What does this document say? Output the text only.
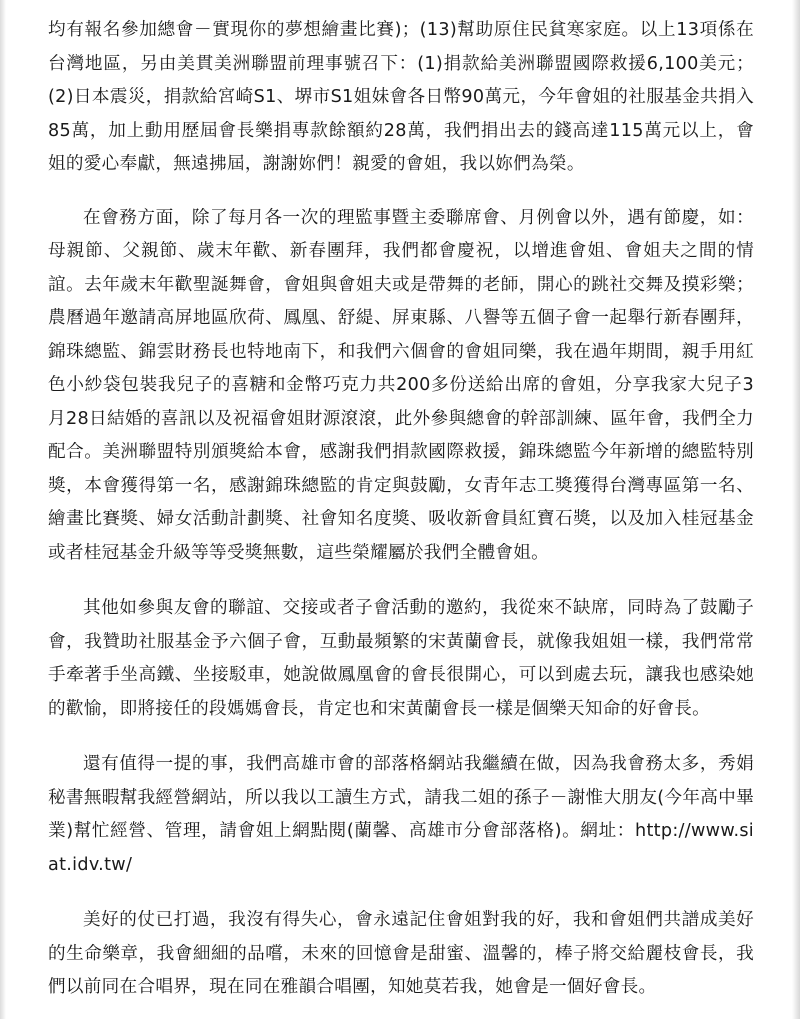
均有報名參加總會－實現你的夢想繪畫比賽)；(13)幫助原住民貧寒家庭。以上13項係在台灣地區，另由美貫美洲聯盟前理事號召下：(1)捐款給美洲聯盟國際救援6,100美元；(2)日本震災，捐款給宮崎S1、堺市S1姐妹會各日幣90萬元，今年會姐的社服基金共捐入85萬，加上動用歷屆會長樂捐專款餘額約28萬，我們捐出去的錢高達115萬元以上，會姐的愛心奉獻，無遠拂屆，謝謝妳們！親愛的會姐，我以妳們為榮。

在會務方面，除了每月各一次的理監事暨主委聯席會、月例會以外，遇有節慶，如：母親節、父親節、歲末年歡、新春團拜，我們都會慶祝，以增進會姐、會姐夫之間的情誼。去年歲末年歡聖誕舞會，會姐與會姐夫或是帶舞的老師，開心的跳社交舞及摸彩樂；農曆過年邀請高屏地區欣荷、鳳凰、舒緹、屏東縣、八譽等五個子會一起舉行新春團拜，錦珠總監、錦雲財務長也特地南下，和我們六個會的會姐同樂，我在過年期間，親手用紅色小紗袋包裝我兒子的喜糖和金幣巧克力共200多份送給出席的會姐，分享我家大兒子3月28日結婚的喜訊以及祝福會姐財源滾滾，此外參與總會的幹部訓練、區年會，我們全力配合。美洲聯盟特別頒獎給本會，感謝我們捐款國際救援，錦珠總監今年新增的總監特別獎，本會獲得第一名，感謝錦珠總監的肯定與鼓勵，女青年志工獎獲得台灣專區第一名、繪畫比賽獎、婦女活動計劃獎、社會知名度獎、吸收新會員紅寶石獎，以及加入桂冠基金或者桂冠基金升級等等受獎無數，這些榮耀屬於我們全體會姐。

其他如參與友會的聯誼、交接或者子會活動的邀約，我從來不缺席，同時為了鼓勵子會，我贊助社服基金予六個子會，互動最頻繁的宋黃蘭會長，就像我姐姐一樣，我們常常手牽著手坐高鐵、坐接駁車，她說做鳳凰會的會長很開心，可以到處去玩，讓我也感染她的歡愉，即將接任的段媽媽會長，肯定也和宋黃蘭會長一樣是個樂天知命的好會長。

還有值得一提的事，我們高雄市會的部落格網站我繼續在做，因為我會務太多，秀娟秘書無暇幫我經營網站，所以我以工讀生方式，請我二姐的孫子－謝惟大朋友(今年高中畢業)幫忙經營、管理，請會姐上網點閱(蘭馨、高雄市分會部落格)。網址：http://www.siat.idv.tw/

美好的仗已打過，我沒有得失心，會永遠記住會姐對我的好，我和會姐們共譜成美好的生命樂章，我會細細的品嚐，未來的回憶會是甜蜜、溫馨的，棒子將交給麗枝會長，我們以前同在合唱界，現在同在雅韻合唱團，知她莫若我，她會是一個好會長。
